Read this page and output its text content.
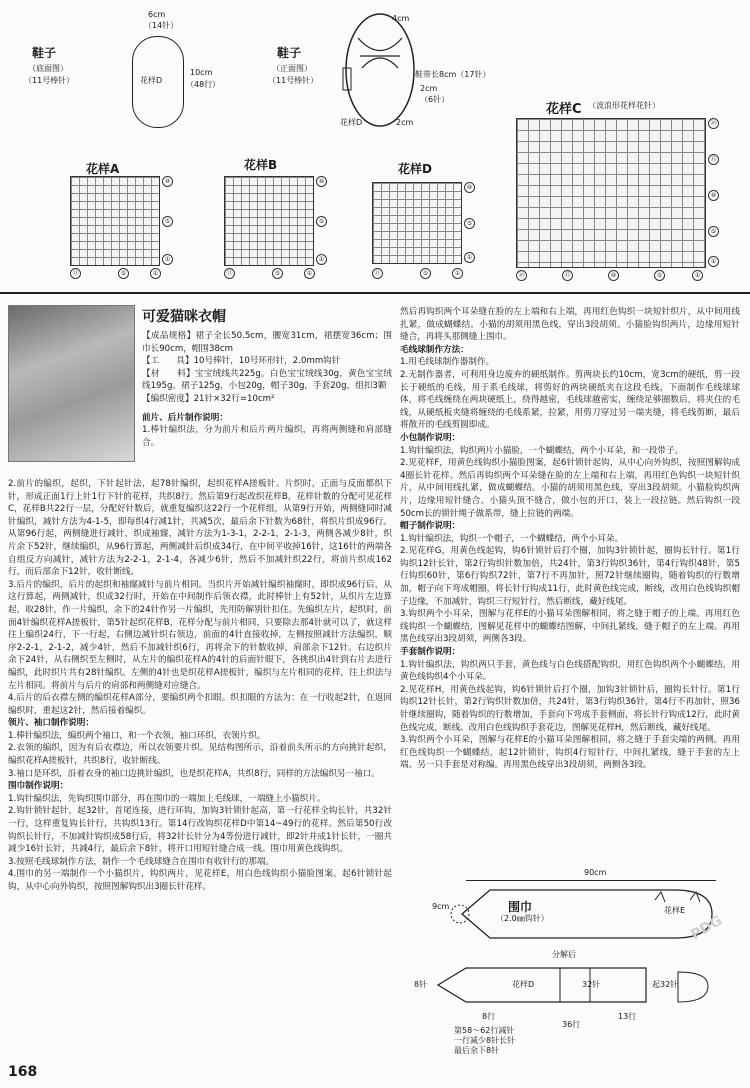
鞋子
（底面图）
（11号棒针）
6cm
（14针）
花样D
10cm
（48行）
鞋子
（正面图）
（11号棒针）
4cm
鞋带长8cm（17针）
2cm
（6针）
2cm
花样D
花样A
⑩
⑤
①
⑪	⑤	①
花样B
⑩
⑤
①
⑪	⑤	①
花样D
⑩
⑤
①
⑪	⑤	①
花样C （波浪形花样花针）
⑳
⑮
⑩
⑤
①
⑳	⑮	⑩	⑤	①
可爱猫咪衣帽

【成品规格】裙子全长50.5cm，腰宽31cm，裙摆宽36cm；围巾长90cm，帽围38cm

【工　　具】10号棒针，10号环形针，2.0mm钩针

【材　　料】宝宝绒线共225g。白色宝宝绒线30g，黄色宝宝绒线195g。裙子125g，小包20g，帽子30g，手套20g，组扣3颗

【编织密度】21针×32行=10cm²

前片、后片制作说明：

1.棒针编织法，分为前片和后片两片编织，再将两侧缝和肩部缝合。

2.前片的编织，起织，下针起针法，起78针编织，起织花样A搓板针。片织时，正面与反面都织下针，形成正面1行上针1行下针的花样，共织8行。然后第9行起改织花样B，花样针数的分配可见花样C，花样B共22行一层，分配好针数后，就重复编织这22行一个花样组，从第9行开始，两侧缝同时减针编织，减针方法为4-1-5，即每织4行减1针，共减5次，最后余下针数为68针，将织片织成96行。从第96行起，两侧缝进行减针，织成袖窿，减针方法为1-3-1，2-2-1，2-1-3，两侧各减少8针，织片余下52针，继续编织，从96行算起，两侧减针后织成34行，在中间平收掉16针，这16针的两端各自组反方向减针，减针方法为2-2-1，2-1-4，各减少6针，然后不加减针织22行，将前片织成162行，而后部余下12针，收针断线。

3.后片的编织，后片的起织和袖窿减针与前片相同。当织片开始减针编织袖窿时，即织成96行后，从这行算起，两侧减针，织成32行时，开始在中间制作后领衣襟，此时棒针上有52针，从织片左边算起，取28针，作一片编织，余下的24针作另一片编织，先用防解别针扣住。先编织左片，起织时，前面4针编织花样A搓板针，第5针起织花样B，花样分配与前片相同，只要除去那4针就可以了，就这样往上编织24行，下一行起，右侧边减针织右领边，前面的4针直接收掉，左侧按照减针方法编织，顺序2-2-1，2-1-2，减少4针，然后不加减针织6行，再将余下的针数收掉，肩部余下12针。右边织片余下24针，从右侧织至左侧时，从左片的编织花样A的4针的后面针眼下，各挑织出4针到右片去进行编织，此时织片共有28针编织。左侧的4针也是织花样A搓板针，编织与左片相同的花样，往上织法与左片相同。将前片与后片的肩部和两侧缝对应缝合。

4.后片的后衣襟左侧的编织花样A部分，要编织两个扣眼。织扣眼的方法为：在一行收起2针，在返回编织时，重起这2针，然后接着编织。

领片、袖口制作说明：

1.棒针编织法，编织两个袖口，和一个衣领，袖口环织，衣领片织。

2.衣领的编织，因为有后衣襟边，所以衣领要片织。见结构图所示，沿着前头所示的方向挑针起织，编织花样A搓板针，共织8行，收针断线。

3.袖口是环织，沿着衣身的袖口边挑针编织，也是织花样A，共织8行，同样的方法编织另一袖口。

围巾制作说明：

1.钩针编织法，先钩织围巾部分，再在围巾的一端加上毛线球，一端缝上小猫织片。

2.钩针锁针起针，起32针，首尾连接，进行环钩，加钩3针锁针起高，第一行花样全钩长针，共32针一行，这样重复钩长针行，共钩织13行。第14行改钩织花样D中第14~49行的花样。然后第50行改钩织长针行，不加减针钩织成58行后，将32针长针分为4等份进行减针，即2针并成1针长针，一圈共减少16针长针，共减4行，最后余下8针，将开口用短针缝合成一线。围巾用黄色线钩织。

3.按照毛线球制作方法，制作一个毛线球缝合在围巾有收针行的那端。

4.围巾的另一端制作一个小猫织片，钩织两片，见花样E，用白色线钩织小猫脸图案。起6针锁针起钩，从中心向外钩织，按照图解钩织出3圈长针花样。

然后再钩织两个耳朵缝在脸的左上端和右上端，再用红色钩织一块短针织片，从中间用线扎紧，做成蝴蝶结。小猫的胡须用黑色线，穿出3段胡须。小猫脸钩织两片，边缘用短针缝合，再将头那侧缝上围巾。

毛线球制作方法：

1.用毛线球制作器制作。

2.无制作器者，可利用身边废弃的硬纸制作。剪两块长约10cm，宽3cm的硬纸，剪一段长于硬纸的毛线，用于系毛线球，将剪好的两块硬纸夹在这段毛线，下面制作毛线球球体，将毛线缠绕在两块硬纸上，绕得越密，毛线球越密实，缠绕足够圈数后，将夹住的毛线，从硬纸板夹缝将缠绕的毛线系紧，拉紧，用剪刀穿过另一端夹缝，将毛线剪断，最后将散开的毛线剪圆即成。

小包制作说明：

1.钩针编织法，钩织两片小猫脸，一个蝴蝶结，两个小耳朵，和一段带子。

2.见花样F，用黄色线钩织小猫脸图案，起6针锁针起钩，从中心向外钩织，按照图解钩成4圈长针花样。然后再钩织两个耳朵缝在脸的左上端和右上端，再用红色钩织一块短针织片，从中间用线扎紧，做成蝴蝶结。小猫的胡须用黑色线，穿出3段胡须。小猫脸钩织两片，边缘用短针缝合。小猫头顶不缝合，做小包的开口，装上一段拉链。然后钩织一段50cm长的锁针绳子做系带，缝上拉链的两端。

帽子制作说明：

1.钩针编织法，钩织一个帽子，一个蝴蝶结，两个小耳朵。

2.见花样G，用黄色线起钩，钩6针锁针后打个圈，加钩3针锁针起，圈钩长针行。第1行钩织12针长针，第2行钩织针数加倍，共24针，第3行钩织36针，第4行钩织48针，第5行钩织60针，第6行钩织72针，第7行不再加针，照72针继续圈钩，随着钩织的行数增加，帽子向下弯成帽圈，将长针行钩成11行，此时黄色线完成，断线，改用白色线钩织帽子边缘，不加减针，钩织三行短针行，然后断线，藏好线尾。

3.钩织两个小耳朵，图解与花样E的小猫耳朵图解相同，将之缝于帽子的上端。再用红色线钩织一个蝴蝶结，图解见花样中的蝴蝶结图解，中间扎紧线，缝于帽子的左上端。再用黑色线穿出3段胡须，两侧各3段。

手套制作说明：

1.钩针编织法，钩织两只手套，黄色线与白色线搭配钩织，用红色钩织两个小蝴蝶结，用黄色线钩织4个小耳朵。

2.见花样H，用黄色线起钩，钩6针锁针后打个圈，加钩3针锁针后，圈钩长针行。第1行钩织12针长针，第2行钩织针数加倍，共24针，第3行钩织36针，第4行不再加针，照36针继续圈钩，随着钩织的行数增加，手套向下弯成手套侧面，将长针行钩成12行，此时黄色线完成，断线。改用白色线钩织手套花边，图解见花样H，然后断线，藏好线尾。

3.钩织两个小耳朵，图解与花样E的小猫耳朵图解相同，将之缝于手套尖端的两侧。再用红色线钩织一个蝴蝶结，起12针锁针，钩织4行短针行，中间扎紧线，缝于手套的左上端。另一只手套是对称编。再用黑色线穿出3段胡须，两侧各3段。

90cm
9cm	围巾
（2.0㎜钩针）
花样E
分解后
8针	花样D	32针	起32针
8行
36行
13行
第58～62行减针
一行减少8针长针
最后余下8针
PDG
168
